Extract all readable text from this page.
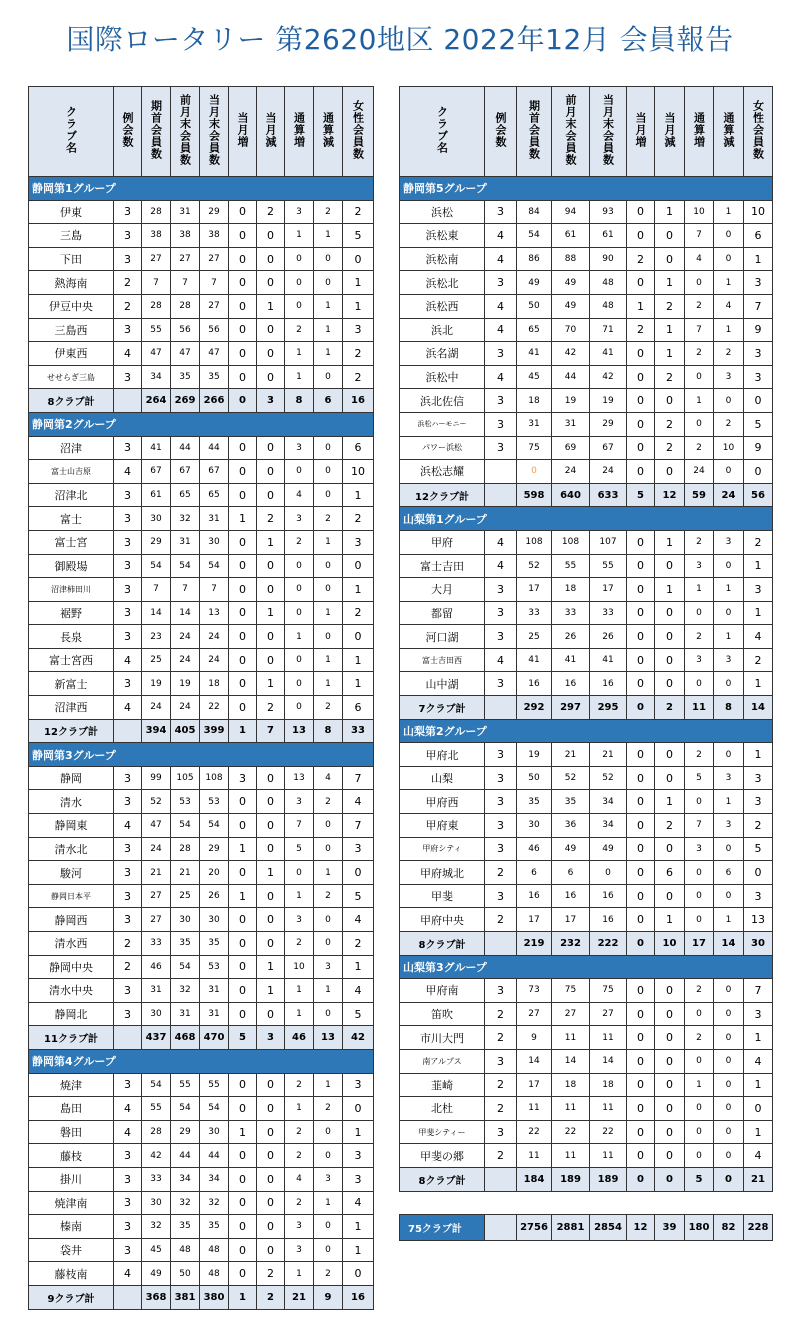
国際ロータリー 第2620地区 2022年12月 会員報告
クラブ名	例会数	期首会員数	前月末会員数	当月末会員数	当月増	当月減	通算増	通算減	女性会員数
静岡第1グループ									
伊東	3	28	31	29	0	2	3	2	2
三島	3	38	38	38	0	0	1	1	5
下田	3	27	27	27	0	0	0	0	0
熱海南	2	7	7	7	0	0	0	0	1
伊豆中央	2	28	28	27	0	1	0	1	1
三島西	3	55	56	56	0	0	2	1	3
伊東西	4	47	47	47	0	0	1	1	2
せせらぎ三島	3	34	35	35	0	0	1	0	2
8クラブ計		264	269	266	0	3	8	6	16
静岡第2グループ									
沼津	3	41	44	44	0	0	3	0	6
富士山吉原	4	67	67	67	0	0	0	0	10
沼津北	3	61	65	65	0	0	4	0	1
富士	3	30	32	31	1	2	3	2	2
富士宮	3	29	31	30	0	1	2	1	3
御殿場	3	54	54	54	0	0	0	0	0
沼津柿田川	3	7	7	7	0	0	0	0	1
裾野	3	14	14	13	0	1	0	1	2
長泉	3	23	24	24	0	0	1	0	0
富士宮西	4	25	24	24	0	0	0	1	1
新富士	3	19	19	18	0	1	0	1	1
沼津西	4	24	24	22	0	2	0	2	6
12クラブ計		394	405	399	1	7	13	8	33
静岡第3グループ									
静岡	3	99	105	108	3	0	13	4	7
清水	3	52	53	53	0	0	3	2	4
静岡東	4	47	54	54	0	0	7	0	7
清水北	3	24	28	29	1	0	5	0	3
駿河	3	21	21	20	0	1	0	1	0
静岡日本平	3	27	25	26	1	0	1	2	5
静岡西	3	27	30	30	0	0	3	0	4
清水西	2	33	35	35	0	0	2	0	2
静岡中央	2	46	54	53	0	1	10	3	1
清水中央	3	31	32	31	0	1	1	1	4
静岡北	3	30	31	31	0	0	1	0	5
11クラブ計		437	468	470	5	3	46	13	42
静岡第4グループ									
焼津	3	54	55	55	0	0	2	1	3
島田	4	55	54	54	0	0	1	2	0
磐田	4	28	29	30	1	0	2	0	1
藤枝	3	42	44	44	0	0	2	0	3
掛川	3	33	34	34	0	0	4	3	3
焼津南	3	30	32	32	0	0	2	1	4
榛南	3	32	35	35	0	0	3	0	1
袋井	3	45	48	48	0	0	3	0	1
藤枝南	4	49	50	48	0	2	1	2	0
9クラブ計		368	381	380	1	2	21	9	16
クラブ名	例会数	期首会員数	前月末会員数	当月末会員数	当月増	当月減	通算増	通算減	女性会員数
静岡第5グループ									
浜松	3	84	94	93	0	1	10	1	10
浜松東	4	54	61	61	0	0	7	0	6
浜松南	4	86	88	90	2	0	4	0	1
浜松北	3	49	49	48	0	1	0	1	3
浜松西	4	50	49	48	1	2	2	4	7
浜北	4	65	70	71	2	1	7	1	9
浜名湖	3	41	42	41	0	1	2	2	3
浜松中	4	45	44	42	0	2	0	3	3
浜北佐信	3	18	19	19	0	0	1	0	0
浜松ハーモニー	3	31	31	29	0	2	0	2	5
パワー浜松	3	75	69	67	0	2	2	10	9
浜松志耀		0	24	24	0	0	24	0	0
12クラブ計		598	640	633	5	12	59	24	56
山梨第1グループ									
甲府	4	108	108	107	0	1	2	3	2
富士吉田	4	52	55	55	0	0	3	0	1
大月	3	17	18	17	0	1	1	1	3
都留	3	33	33	33	0	0	0	0	1
河口湖	3	25	26	26	0	0	2	1	4
富士吉田西	4	41	41	41	0	0	3	3	2
山中湖	3	16	16	16	0	0	0	0	1
7クラブ計		292	297	295	0	2	11	8	14
山梨第2グループ									
甲府北	3	19	21	21	0	0	2	0	1
山梨	3	50	52	52	0	0	5	3	3
甲府西	3	35	35	34	0	1	0	1	3
甲府東	3	30	36	34	0	2	7	3	2
甲府シティ	3	46	49	49	0	0	3	0	5
甲府城北	2	6	6	0	0	6	0	6	0
甲斐	3	16	16	16	0	0	0	0	3
甲府中央	2	17	17	16	0	1	0	1	13
8クラブ計		219	232	222	0	10	17	14	30
山梨第3グループ									
甲府南	3	73	75	75	0	0	2	0	7
笛吹	2	27	27	27	0	0	0	0	3
市川大門	2	9	11	11	0	0	2	0	1
南アルプス	3	14	14	14	0	0	0	0	4
韮崎	2	17	18	18	0	0	1	0	1
北杜	2	11	11	11	0	0	0	0	0
甲斐シティー	3	22	22	22	0	0	0	0	1
甲斐の郷	2	11	11	11	0	0	0	0	4
8クラブ計		184	189	189	0	0	5	0	21
75クラブ計		2756	2881	2854	12	39	180	82	228
